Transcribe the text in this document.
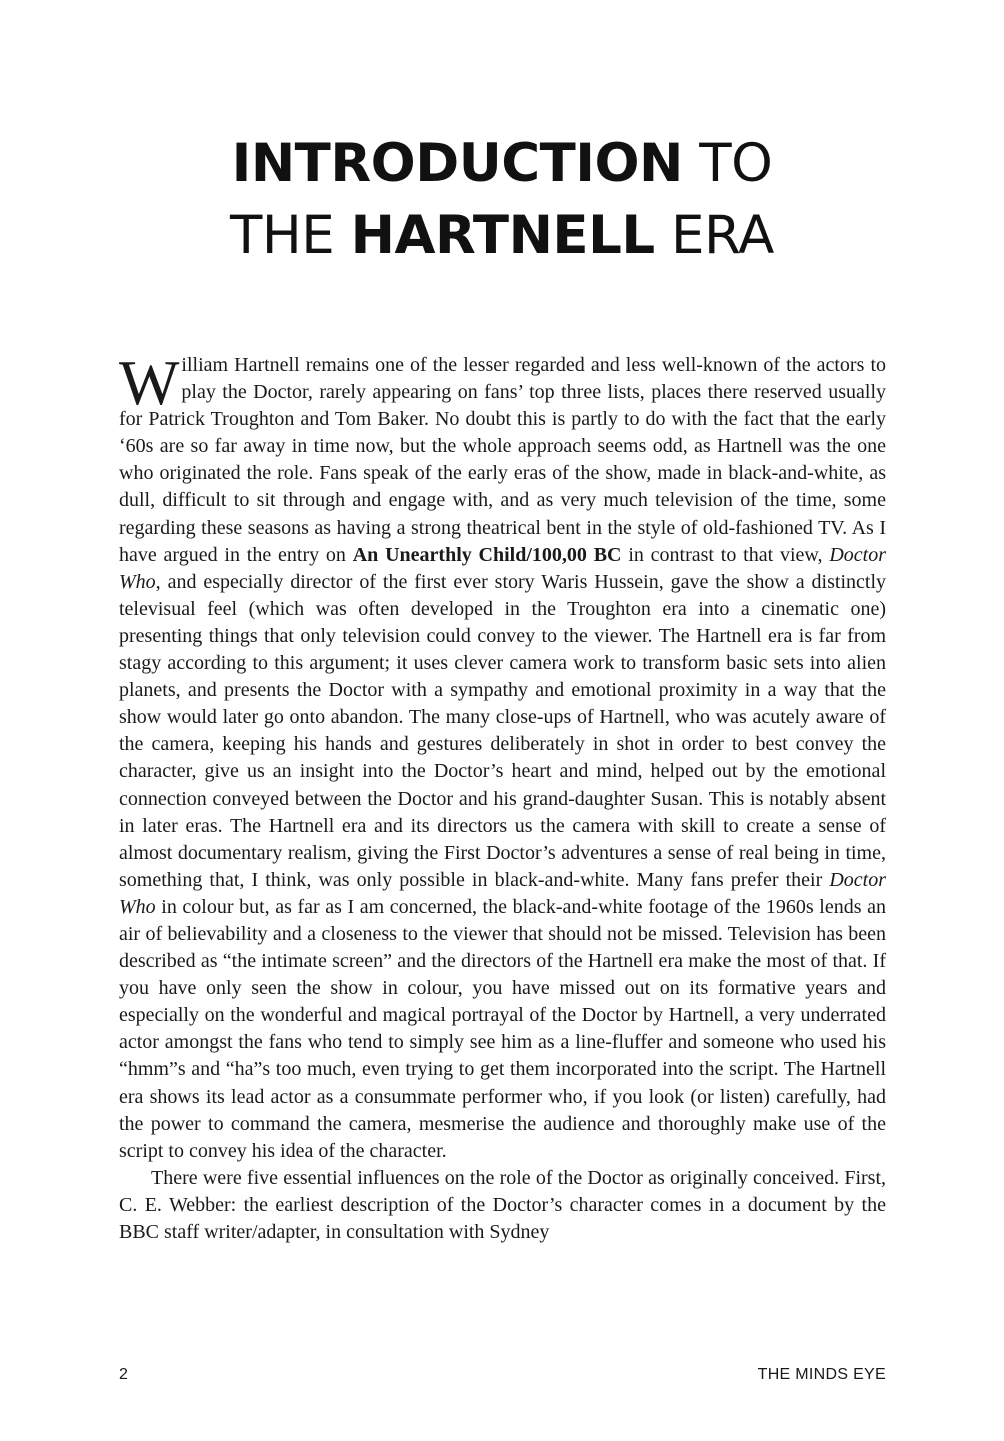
INTRODUCTION TO
THE HARTNELL ERA

William Hartnell remains one of the lesser regarded and less well-known of the actors to play the Doctor, rarely appearing on fans’ top three lists, places there reserved usually for Patrick Troughton and Tom Baker. No doubt this is partly to do with the fact that the early ‘60s are so far away in time now, but the whole approach seems odd, as Hartnell was the one who originated the role. Fans speak of the early eras of the show, made in black-and-white, as dull, difficult to sit through and engage with, and as very much television of the time, some regarding these seasons as having a strong theatrical bent in the style of old-fashioned TV. As I have argued in the entry on An Unearthly Child/100,00 BC in contrast to that view, Doctor Who, and especially director of the first ever story Waris Hussein, gave the show a distinctly televisual feel (which was often developed in the Troughton era into a cinematic one) presenting things that only television could convey to the viewer. The Hartnell era is far from stagy according to this argument; it uses clever camera work to transform basic sets into alien planets, and presents the Doctor with a sympathy and emotional proximity in a way that the show would later go onto abandon. The many close-ups of Hartnell, who was acutely aware of the camera, keeping his hands and gestures deliberately in shot in order to best convey the character, give us an insight into the Doctor’s heart and mind, helped out by the emotional connection conveyed between the Doctor and his grand-daughter Susan. This is notably absent in later eras. The Hartnell era and its directors us the camera with skill to create a sense of almost documentary realism, giving the First Doctor’s adventures a sense of real being in time, something that, I think, was only possible in black-and-white. Many fans prefer their Doctor Who in colour but, as far as I am concerned, the black-and-white footage of the 1960s lends an air of believability and a closeness to the viewer that should not be missed. Television has been described as “the intimate screen” and the directors of the Hartnell era make the most of that. If you have only seen the show in colour, you have missed out on its formative years and especially on the wonderful and magical portrayal of the Doctor by Hartnell, a very underrated actor amongst the fans who tend to simply see him as a line-fluffer and someone who used his “hmm”s and “ha”s too much, even trying to get them incorporated into the script. The Hartnell era shows its lead actor as a consummate performer who, if you look (or listen) carefully, had the power to command the camera, mesmerise the audience and thoroughly make use of the script to convey his idea of the character.

There were five essential influences on the role of the Doctor as originally conceived. First, C. E. Webber: the earliest description of the Doctor’s character comes in a document by the BBC staff writer/adapter, in consultation with Sydney

2	THE MINDS EYE
